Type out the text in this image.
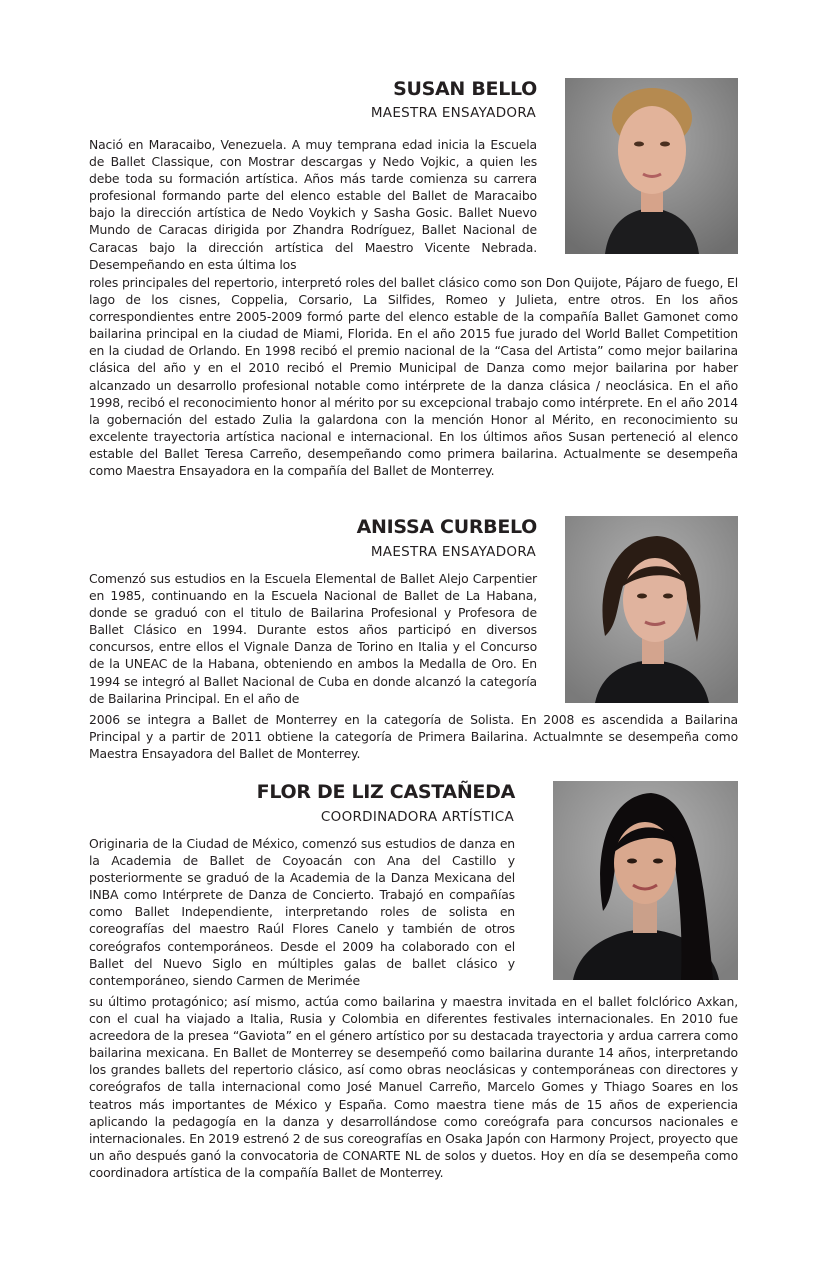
SUSAN BELLO
MAESTRA ENSAYADORA

Nació en Maracaibo, Venezuela. A muy temprana edad inicia la Escuela de Ballet Classique, con Mostrar descargas y Nedo Vojkic, a quien les debe toda su formación artística. Años más tarde comienza su carrera profesional formando parte del elenco estable del Ballet de Maracaibo bajo la dirección artística de Nedo Voykich y Sasha Gosic. Ballet Nuevo Mundo de Caracas dirigida por Zhandra Rodríguez, Ballet Nacional de Caracas bajo la dirección artística del Maestro Vicente Nebrada. Desempeñando en esta última los

roles principales del repertorio, interpretó roles del ballet clásico como son Don Quijote, Pájaro de fuego, El lago de los cisnes, Coppelia, Corsario, La Silfides, Romeo y Julieta, entre otros. En los años correspondientes entre 2005-2009 formó parte del elenco estable de la compañía Ballet Gamonet como bailarina principal en la ciudad de Miami, Florida. En el año 2015 fue jurado del World Ballet Competition en la ciudad de Orlando. En 1998 recibó el premio nacional de la “Casa del Artista” como mejor bailarina clásica del año y en el 2010 recibó el Premio Municipal de Danza como mejor bailarina por haber alcanzado un desarrollo profesional notable como intérprete de la danza clásica / neoclásica. En el año 1998, recibó el reconocimiento honor al mérito por su excepcional trabajo como intérprete. En el año 2014 la gobernación del estado Zulia la galardona con la mención Honor al Mérito, en reconocimiento su excelente trayectoria artística nacional e internacional. En los últimos años Susan perteneció al elenco estable del Ballet Teresa Carreño, desempeñando como primera bailarina. Actualmente se desempeña como Maestra Ensayadora en la compañía del Ballet de Monterrey.

ANISSA CURBELO
MAESTRA ENSAYADORA

Comenzó sus estudios en la Escuela Elemental de Ballet Alejo Carpentier en 1985, continuando en la Escuela Nacional de Ballet de La Habana, donde se graduó con el titulo de Bailarina Profesional y Profesora de Ballet Clásico en 1994. Durante estos años participó en diversos concursos, entre ellos el Vignale Danza de Torino en Italia y el Concurso de la UNEAC de la Habana, obteniendo en ambos la Medalla de Oro. En 1994 se integró al Ballet Nacional de Cuba en donde alcanzó la categoría de Bailarina Principal. En el año de

2006 se integra a Ballet de Monterrey en la categoría de Solista. En 2008 es ascendida a Bailarina Principal y a partir de 2011 obtiene la categoría de Primera Bailarina. Actualmnte se desempeña como Maestra Ensayadora del Ballet de Monterrey.

FLOR DE LIZ CASTAÑEDA
COORDINADORA ARTÍSTICA

Originaria de la Ciudad de México, comenzó sus estudios de danza en la Academia de Ballet de Coyoacán con Ana del Castillo y posteriormente se graduó de la Academia de la Danza Mexicana del INBA como Intérprete de Danza de Concierto. Trabajó en compañías como Ballet Independiente, interpretando roles de solista en coreografías del maestro Raúl Flores Canelo y también de otros coreógrafos contemporáneos. Desde el 2009 ha colaborado con el Ballet del Nuevo Siglo en múltiples galas de ballet clásico y contemporáneo, siendo Carmen de Merimée

su último protagónico; así mismo, actúa como bailarina y maestra invitada en el ballet folclórico Axkan, con el cual ha viajado a Italia, Rusia y Colombia en diferentes festivales internacionales. En 2010 fue acreedora de la presea “Gaviota” en el género artístico por su destacada trayectoria y ardua carrera como bailarina mexicana. En Ballet de Monterrey se desempeñó como bailarina durante 14 años, interpretando los grandes ballets del repertorio clásico, así como obras neoclásicas y contemporáneas con directores y coreógrafos de talla internacional como José Manuel Carreño, Marcelo Gomes y Thiago Soares en los teatros más importantes de México y España. Como maestra tiene más de 15 años de experiencia aplicando la pedagogía en la danza y desarrollándose como coreógrafa para concursos nacionales e internacionales. En 2019 estrenó 2 de sus coreografías en Osaka Japón con Harmony Project, proyecto que un año después ganó la convocatoria de CONARTE NL de solos y duetos. Hoy en día se desempeña como coordinadora artística de la compañía Ballet de Monterrey.
